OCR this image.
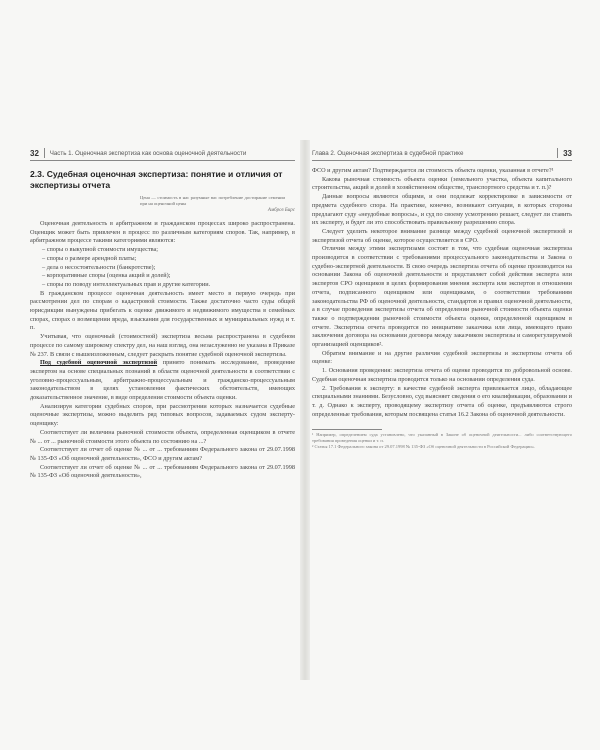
32 Часть 1. Оценочная экспертиза как основа оценочной деятельности
2.3. Судебная оценочная экспертиза: понятие и отличия от экспертизы отчета
Цена — стоимость в нас разумные вас потребление достирание семении при на оценочной цены
Амброз Бирс

Оценочная деятельность в арбитражном и гражданском процессах широко распространена. Оценщик может быть привлечен в процесс по различным категориям споров. Так, например, в арбитражном процессе такими категориями являются:

– споры о выкупной стоимости имущества;
– споры о размере арендной платы;
– дела о несостоятельности (банкротстве);
– корпоративные споры (оценка акций и долей);
– споры по поводу интеллектуальных прав и другие категории.

В гражданском процессе оценочная деятельность имеет место в первую очередь при рассмотрении дел по спорам о кадастровой стоимости. Также достаточно часто суды общей юрисдикции вынуждены прибегать к оценке движимого и недвижимого имущества в семейных спорах, спорах о возмещении вреда, взыскании для государственных и муниципальных нужд и т. п.

Учитывая, что оценочный (стоимостной) экспертиза весьма распространена в судебном процессе по самому широкому спектру дел, на наш взгляд, она незаслуженно не указана в Приказе № 237. В связи с вышеизложенным, следует раскрыть понятие судебной оценочной экспертизы.

Под судебной оценочной экспертизой принято понимать исследование, проведение экспертом на основе специальных познаний в области оценочной деятельности в соответствии с уголовно-процессуальным, арбитражно-процессуальным и гражданско-процессуальным законодательством в целях установления фактических обстоятельств, имеющих доказательственное значение, в виде определения стоимости объекта оценки.

Анализируя категории судебных споров, при рассмотрении которых назначается судебные оценочные экспертизы, можно выделить ряд типовых вопросов, задаваемых судом эксперту-оценщику:

Соответствует ли величина рыночной стоимости объекта, определенная оценщиком в отчете № ... от ... рыночной стоимости этого объекта по состоянию на ...?

Соответствует ли отчет об оценке № ... от ... требованиям Федерального закона от 29.07.1998 № 135-ФЗ «Об оценочной деятельности», ФСО и другим актам?

Соответствует ли отчет об оценке № ... от ... требованиям Федерального закона от 29.07.1998 № 135-ФЗ «Об оценочной деятельности»,

Глава 2. Оценочная экспертиза в судебной практике	33

ФСО и другим актам? Подтверждается ли стоимость объекта оценки, указанная в отчете?¹

Какова рыночная стоимость объекта оценки (земельного участка, объекта капитального строительства, акций и долей в хозяйственном обществе, транспортного средства и т. п.)?

Данные вопросы являются общими, и они подлежат корректировке в зависимости от предмета судебного спора. На практике, конечно, возникают ситуации, в которых стороны предлагают суду «неудобные вопросы», и суд по своему усмотрению решает, следует ли ставить их эксперту, и будет ли это способствовать правильному разрешению спора.

Следует уделить некоторое внимание разнице между судебной оценочной экспертизой и экспертизой отчета об оценке, которое осуществляется в СРО.

Отличия между этими экспертизами состоят в том, что судебная оценочная экспертиза производится в соответствии с требованиями процессуального законодательства и Закона о судебно-экспертной деятельности. В свою очередь экспертиза отчета об оценке производится на основании Закона об оценочной деятельности и представляет собой действия эксперта или экспертов СРО оценщиков в целях формирования мнения эксперта или экспертов в отношении отчета, подписанного оценщиком или оценщиками, о соответствии требованиям законодательства РФ об оценочной деятельности, стандартов и правил оценочной деятельности, а в случае проведения экспертизы отчета об определении рыночной стоимости объекта оценки также о подтверждении рыночной стоимости объекта оценки, определенной оценщиком в отчете. Экспертиза отчета проводится по инициативе заказчика или лица, имеющего право заключения договора на основании договора между заказчиком экспертизы и саморегулируемой организацией оценщиков².

Обратим внимание и на другие различия судебной экспертизы и экспертизы отчета об оценке:

1. Основания проведения: экспертиза отчета об оценке проводится по добровольной основе. Судебная оценочная экспертиза проводится только на основании определения суда.

2. Требования к эксперту: в качестве судебной эксперта привлекается лицо, обладающее специальными знаниями. Безусловно, суд выясняет сведения о его квалификации, образовании и т. д. Однако к эксперту, проводящему экспертизу отчета об оценке, предъявляются строго определенные требования, которым посвящена статья 16.2 Закона об оценочной деятельности.

¹ Например, определением суда установлено, что указанный в Законе об оценочной деятельности... либо соответствующего требования проведения оценки и т. п.
² Статья 17.1 Федерального закона от 29.07.1998 № 135-ФЗ «Об оценочной деятельности в Российской Федерации».
